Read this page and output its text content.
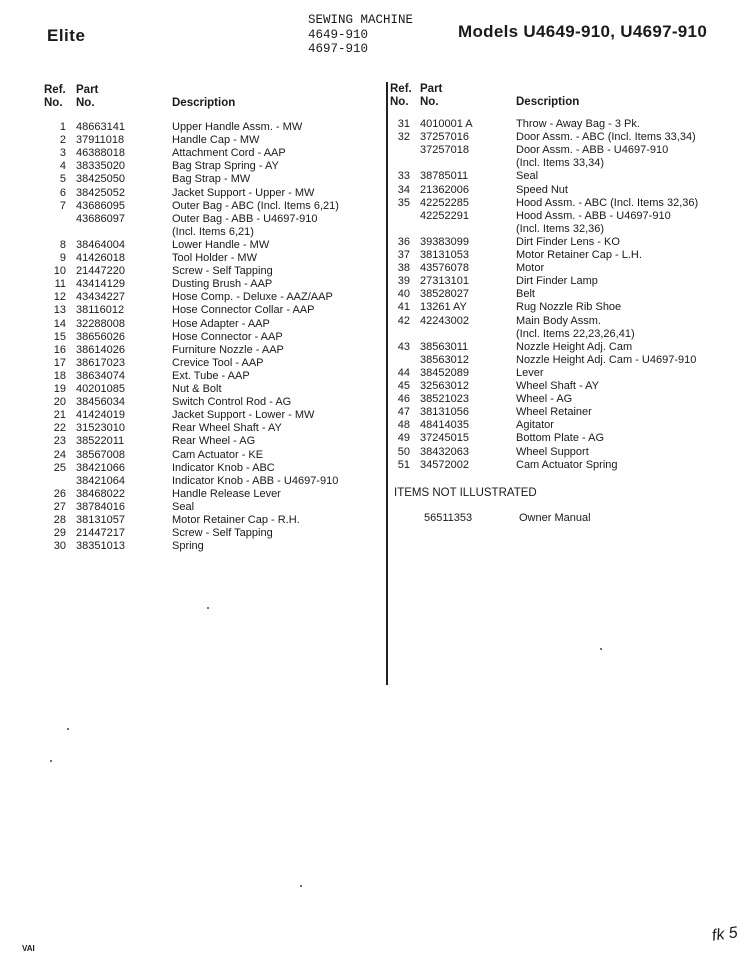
Elite
SEWING MACHINE
4649-910
4697-910
Models U4649-910, U4697-910
Ref.
No.
Part
No.	Description
Ref.
No.
Part
No.	Description
1 48663141	Upper Handle Assm. - MW
2 37911018	Handle Cap - MW
3 46388018	Attachment Cord - AAP
4 38335020	Bag Strap Spring - AY
5 38425050	Bag Strap - MW
6 38425052	Jacket Support - Upper - MW
7 43686095	Outer Bag - ABC (Incl. Items 6,21)
43686097	Outer Bag - ABB - U4697-910
(Incl. Items 6,21)
8 38464004	Lower Handle - MW
9 41426018	Tool Holder - MW
10 21447220	Screw - Self Tapping
11 43414129	Dusting Brush - AAP
12 43434227	Hose Comp. - Deluxe - AAZ/AAP
13 38116012	Hose Connector Collar - AAP
14 32288008	Hose Adapter - AAP
15 38656026	Hose Connector - AAP
16 38614026	Furniture Nozzle - AAP
17 38617023	Crevice Tool - AAP
18 38634074	Ext. Tube - AAP
19 40201085	Nut & Bolt
20 38456034	Switch Control Rod - AG
21 41424019	Jacket Support - Lower - MW
22 31523010	Rear Wheel Shaft - AY
23 38522011	Rear Wheel - AG
24 38567008	Cam Actuator - KE
25 38421066	Indicator Knob - ABC
38421064	Indicator Knob - ABB - U4697-910
26 38468022	Handle Release Lever
27 38784016	Seal
28 38131057	Motor Retainer Cap - R.H.
29 21447217	Screw - Self Tapping
30 38351013	Spring
31 4010001 A	Throw - Away Bag - 3 Pk.
32 37257016	Door Assm. - ABC (Incl. Items 33,34)
37257018	Door Assm. - ABB - U4697-910
(Incl. Items 33,34)
33 38785011	Seal
34 21362006	Speed Nut
35 42252285	Hood Assm. - ABC (Incl. Items 32,36)
42252291	Hood Assm. - ABB - U4697-910
(Incl. Items 32,36)
36 39383099	Dirt Finder Lens - KO
37 38131053	Motor Retainer Cap - L.H.
38 43576078	Motor
39 27313101	Dirt Finder Lamp
40 38528027	Belt
41 13261 AY	Rug Nozzle Rib Shoe
42 42243002	Main Body Assm.
(Incl. Items 22,23,26,41)
43 38563011	Nozzle Height Adj. Cam
38563012	Nozzle Height Adj. Cam - U4697-910
44 38452089	Lever
45 32563012	Wheel Shaft - AY
46 38521023	Wheel - AG
47 38131056	Wheel Retainer
48 48414035	Agitator
49 37245015	Bottom Plate - AG
50 38432063	Wheel Support
51 34572002	Cam Actuator Spring
ITEMS NOT ILLUSTRATED
56511353	Owner Manual
VAI
fk 5
